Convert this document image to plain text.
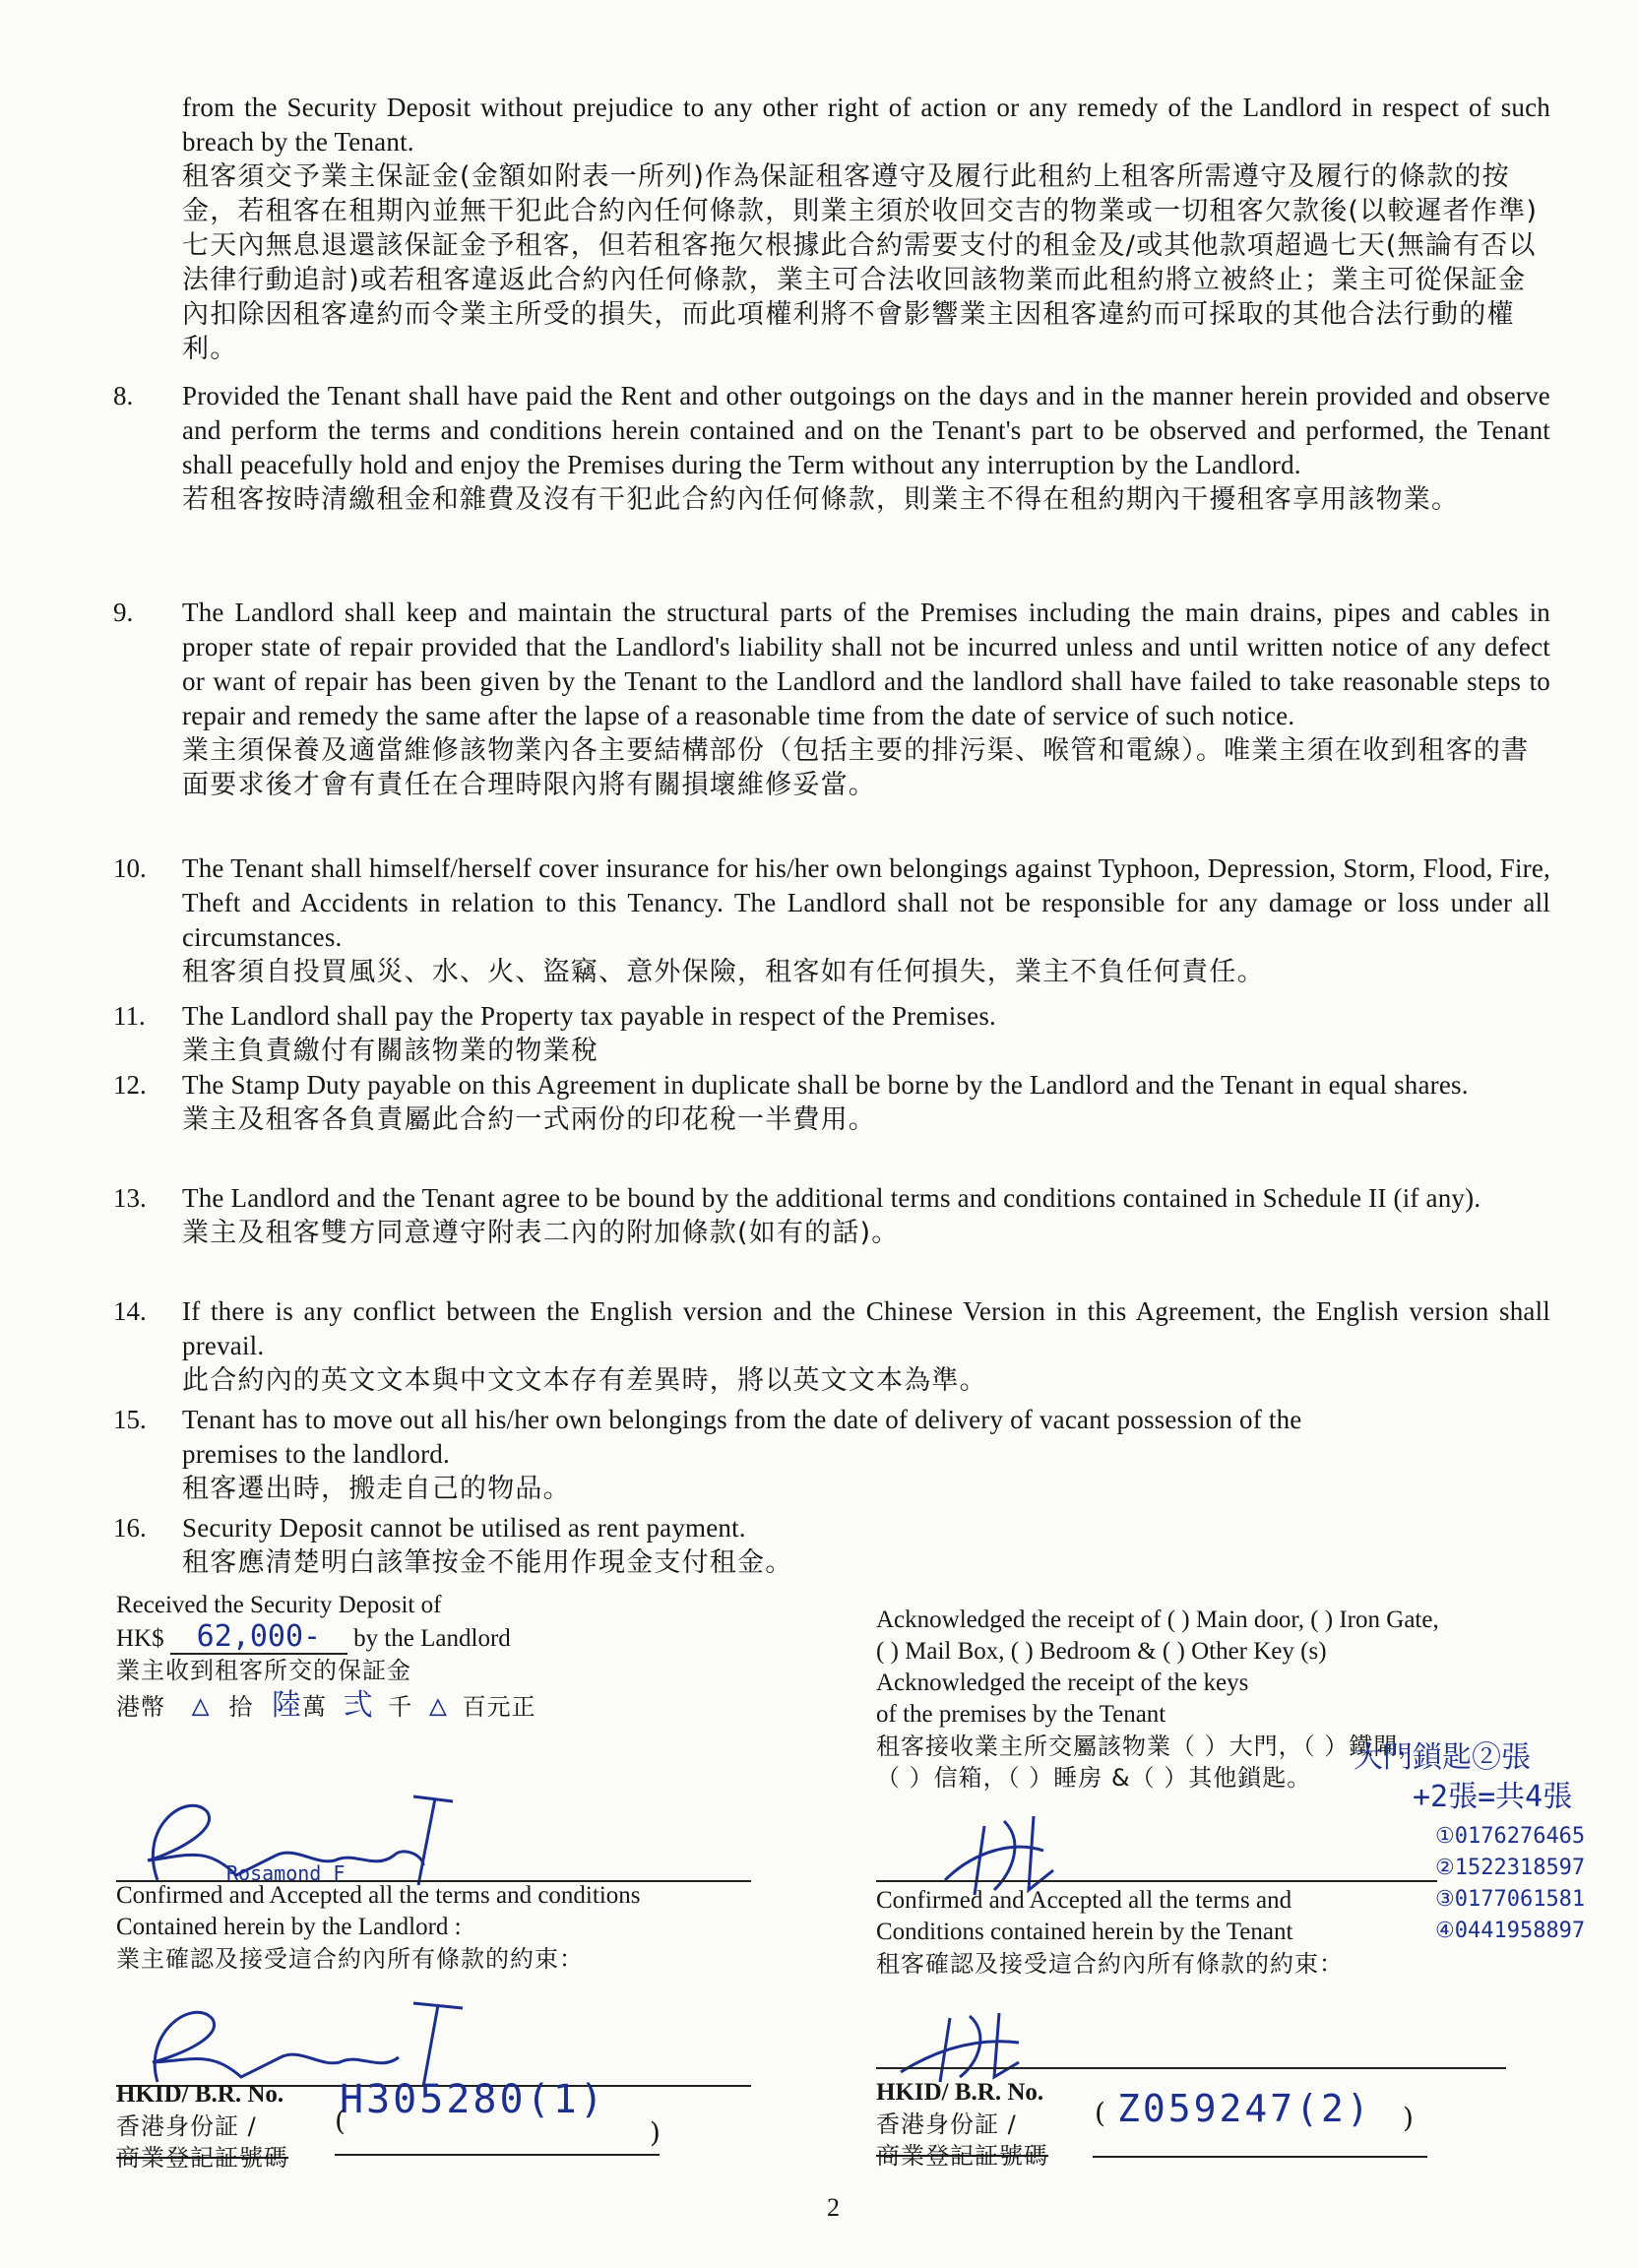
from the Security Deposit without prejudice to any other right of action or any remedy of the Landlord in respect of such breach by the Tenant.
租客須交予業主保証金(金額如附表一所列)作為保証租客遵守及履行此租約上租客所需遵守及履行的條款的按金，若租客在租期內並無干犯此合約內任何條款，則業主須於收回交吉的物業或一切租客欠款後(以較遲者作準)七天內無息退還該保証金予租客，但若租客拖欠根據此合約需要支付的租金及/或其他款項超過七天(無論有否以法律行動追討)或若租客違返此合約內任何條款，業主可合法收回該物業而此租約將立被終止；業主可從保証金內扣除因租客違約而令業主所受的損失，而此項權利將不會影響業主因租客違約而可採取的其他合法行動的權利。
8.	Provided the Tenant shall have paid the Rent and other outgoings on the days and in the manner herein provided and observe and perform the terms and conditions herein contained and on the Tenant's part to be observed and performed, the Tenant shall peacefully hold and enjoy the Premises during the Term without any interruption by the Landlord.
若租客按時清繳租金和雜費及沒有干犯此合約內任何條款，則業主不得在租約期內干擾租客享用該物業。
9.	The Landlord shall keep and maintain the structural parts of the Premises including the main drains, pipes and cables in proper state of repair provided that the Landlord's liability shall not be incurred unless and until written notice of any defect or want of repair has been given by the Tenant to the Landlord and the landlord shall have failed to take reasonable steps to repair and remedy the same after the lapse of a reasonable time from the date of service of such notice.
業主須保養及適當維修該物業內各主要結構部份（包括主要的排污渠、喉管和電線）。唯業主須在收到租客的書面要求後才會有責任在合理時限內將有關損壞維修妥當。
10.	The Tenant shall himself/herself cover insurance for his/her own belongings against Typhoon, Depression, Storm, Flood, Fire, Theft and Accidents in relation to this Tenancy. The Landlord shall not be responsible for any damage or loss under all circumstances.
租客須自投買風災、水、火、盜竊、意外保險，租客如有任何損失，業主不負任何責任。
11.	The Landlord shall pay the Property tax payable in respect of the Premises.
業主負責繳付有關該物業的物業稅
12.	The Stamp Duty payable on this Agreement in duplicate shall be borne by the Landlord and the Tenant in equal shares.
業主及租客各負責屬此合約一式兩份的印花稅一半費用。
13.	The Landlord and the Tenant agree to be bound by the additional terms and conditions contained in Schedule II (if any).
業主及租客雙方同意遵守附表二內的附加條款(如有的話)。
14.	If there is any conflict between the English version and the Chinese Version in this Agreement, the English version shall prevail.
此合約內的英文文本與中文文本存有差異時，將以英文文本為準。
15.	Tenant has to move out all his/her own belongings from the date of delivery of vacant possession of the premises to the landlord.
租客遷出時，搬走自己的物品。
16.	Security Deposit cannot be utilised as rent payment.
租客應清楚明白該筆按金不能用作現金支付租金。
Received the Security Deposit of
HK$ 62,000- by the Landlord
業主收到租客所交的保証金
港幣 △ 拾 陸萬 弍 千 △ 百元正
Rosamond F
Confirmed and Accepted all the terms and conditions
Contained herein by the Landlord :
業主確認及接受這合約內所有條款的約束：
HKID/ B.R. No.
香港身份証 /
商業登記証號碼
H305280(1)
(	)
Acknowledged the receipt of ( ) Main door, ( ) Iron Gate,
( ) Mail Box, ( ) Bedroom & ( ) Other Key (s)
Acknowledged the receipt of the keys
of the premises by the Tenant
租客接收業主所交屬該物業（ ）大門，（ ）鐵閘，
（ ）信箱，（ ）睡房 &（ ）其他鎖匙。
大門鎖匙②張
+2張=共4張
Confirmed and Accepted all the terms and
Conditions contained herein by the Tenant
租客確認及接受這合約內所有條款的約束：
①0176276465
②1522318597
③0177061581
④0441958897
HKID/ B.R. No.
香港身份証 /
商業登記証號碼
Z059247(2)
(	)
2
